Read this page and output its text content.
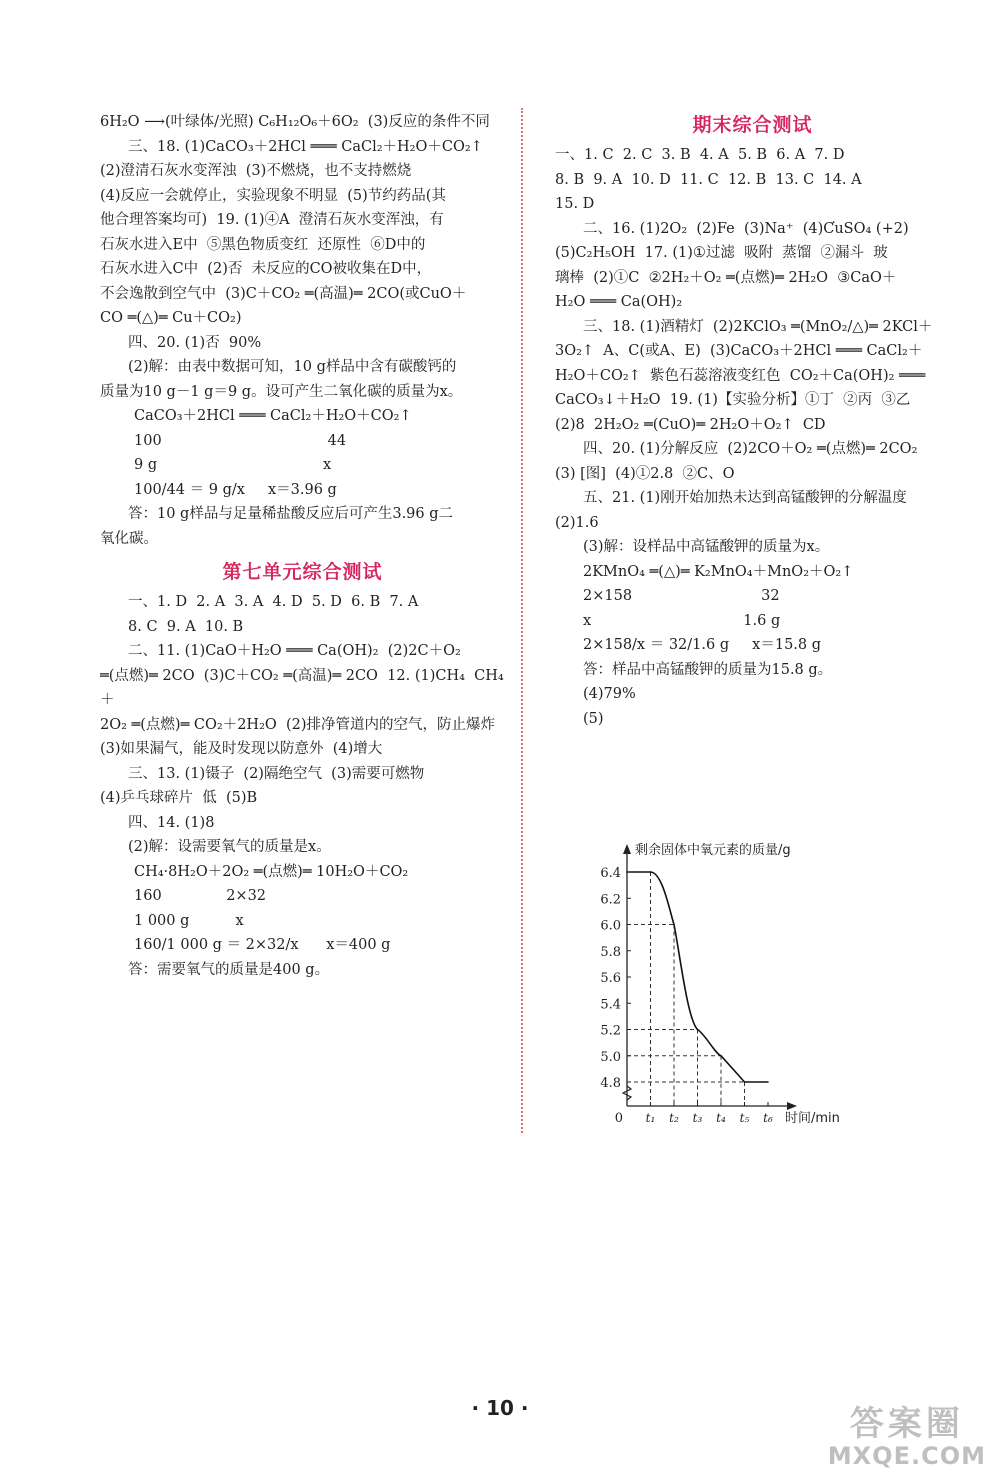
6H₂O ⟶(叶绿体/光照) C₆H₁₂O₆＋6O₂  (3)反应的条件不同
三、18. (1)CaCO₃＋2HCl ═══ CaCl₂＋H₂O＋CO₂↑
(2)澄清石灰水变浑浊  (3)不燃烧，也不支持燃烧
(4)反应一会就停止，实验现象不明显  (5)节约药品(其
他合理答案均可)  19. (1)④A  澄清石灰水变浑浊，有
石灰水进入E中  ⑤黑色物质变红  还原性  ⑥D中的
石灰水进入C中  (2)否  未反应的CO被收集在D中，
不会逸散到空气中  (3)C＋CO₂ ═(高温)═ 2CO(或CuO＋
CO ═(△)═ Cu＋CO₂)
四、20. (1)否  90%
(2)解：由表中数据可知，10 g样品中含有碳酸钙的
质量为10 g－1 g＝9 g。设可产生二氧化碳的质量为x。
CaCO₃＋2HCl ═══ CaCl₂＋H₂O＋CO₂↑
100                                    44
9 g                                    x
100/44 ＝ 9 g/x     x＝3.96 g
答：10 g样品与足量稀盐酸反应后可产生3.96 g二
氧化碳。
第七单元综合测试
一、1. D  2. A  3. A  4. D  5. D  6. B  7. A
8. C  9. A  10. B
二、11. (1)CaO＋H₂O ═══ Ca(OH)₂  (2)2C＋O₂
═(点燃)═ 2CO  (3)C＋CO₂ ═(高温)═ 2CO  12. (1)CH₄  CH₄＋
2O₂ ═(点燃)═ CO₂＋2H₂O  (2)排净管道内的空气，防止爆炸
(3)如果漏气，能及时发现以防意外  (4)增大
三、13. (1)镊子  (2)隔绝空气  (3)需要可燃物
(4)乒乓球碎片  低  (5)B
四、14. (1)8
(2)解：设需要氧气的质量是x。
CH₄·8H₂O＋2O₂ ═(点燃)═ 10H₂O＋CO₂
160              2×32
1 000 g          x
160/1 000 g ＝ 2×32/x      x＝400 g
答：需要氧气的质量是400 g。
期末综合测试
一、1. C  2. C  3. B  4. A  5. B  6. A  7. D
8. B  9. A  10. D  11. C  12. B  13. C  14. A
15. D
二、16. (1)2O₂  (2)Fe  (3)Na⁺  (4)C͘uSO₄ (+2)
(5)C₂H₅OH  17. (1)①过滤  吸附  蒸馏  ②漏斗  玻
璃棒  (2)①C  ②2H₂＋O₂ ═(点燃)═ 2H₂O  ③CaO＋
H₂O ═══ Ca(OH)₂
三、18. (1)酒精灯  (2)2KClO₃ ═(MnO₂/△)═ 2KCl＋
3O₂↑  A、C(或A、E)  (3)CaCO₃＋2HCl ═══ CaCl₂＋
H₂O＋CO₂↑  紫色石蕊溶液变红色  CO₂＋Ca(OH)₂ ═══
CaCO₃↓＋H₂O  19. (1)【实验分析】①丁  ②丙  ③乙
(2)8  2H₂O₂ ═(CuO)═ 2H₂O＋O₂↑  CD
四、20. (1)分解反应  (2)2CO＋O₂ ═(点燃)═ 2CO₂
(3) [图]  (4)①2.8  ②C、O
五、21. (1)刚开始加热未达到高锰酸钾的分解温度
(2)1.6
(3)解：设样品中高锰酸钾的质量为x。
2KMnO₄ ═(△)═ K₂MnO₄＋MnO₂＋O₂↑
2×158                            32
x                                 1.6 g
2×158/x ＝ 32/1.6 g     x＝15.8 g
答：样品中高锰酸钾的质量为15.8 g。
(4)79%
(5)
4.8
5.0
5.2
5.4
5.6
5.8
6.0
6.2
6.4
t₁ t₂ t₃ t₄ t₅ t₆
0
剩余固体中氧元素的质量/g
时间/min
· 10 ·	答案圈
MXQE.COM
